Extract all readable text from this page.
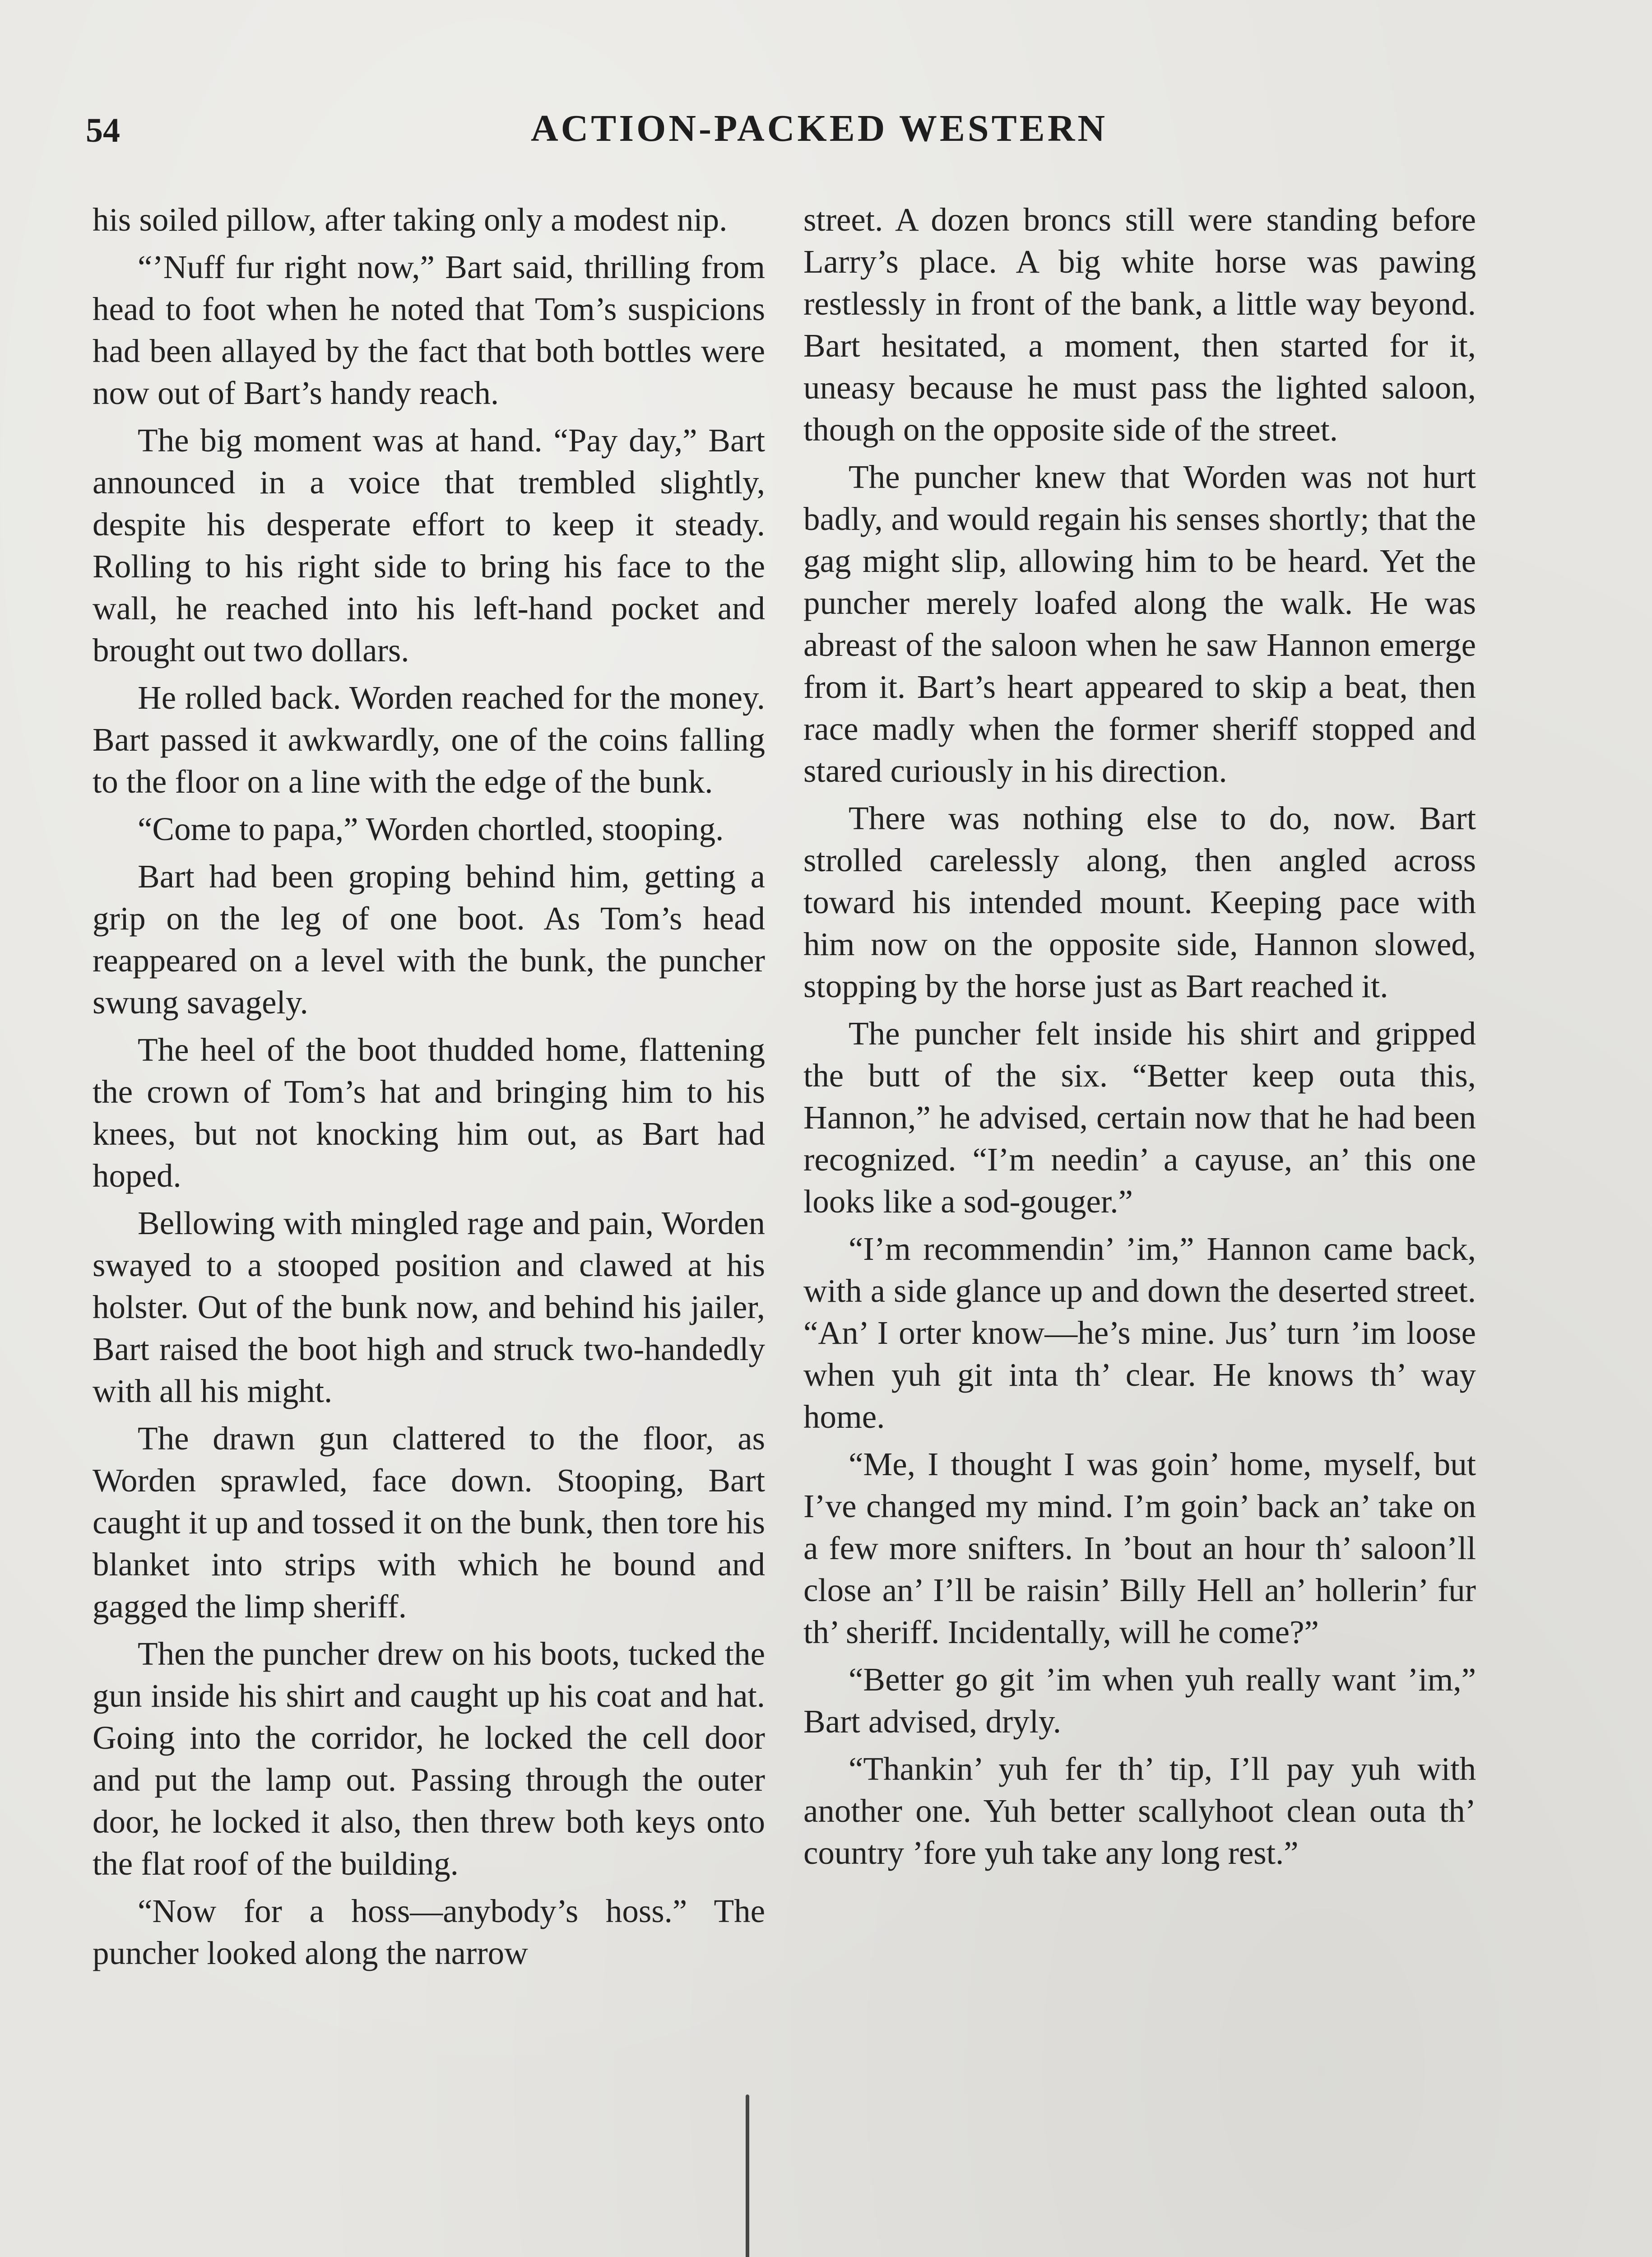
54	ACTION-PACKED WESTERN

his soiled pillow, after taking only a modest nip.

“’Nuff fur right now,” Bart said, thrilling from head to foot when he noted that Tom’s suspicions had been allayed by the fact that both bottles were now out of Bart’s handy reach.

The big moment was at hand. “Pay day,” Bart announced in a voice that trembled slightly, despite his desperate effort to keep it steady. Rolling to his right side to bring his face to the wall, he reached into his left-hand pocket and brought out two dollars.

He rolled back. Worden reached for the money. Bart passed it awkwardly, one of the coins falling to the floor on a line with the edge of the bunk.

“Come to papa,” Worden chortled, stooping.

Bart had been groping behind him, getting a grip on the leg of one boot. As Tom’s head reappeared on a level with the bunk, the puncher swung savagely.

The heel of the boot thudded home, flattening the crown of Tom’s hat and bringing him to his knees, but not knocking him out, as Bart had hoped.

Bellowing with mingled rage and pain, Worden swayed to a stooped position and clawed at his holster. Out of the bunk now, and behind his jailer, Bart raised the boot high and struck two-handedly with all his might.

The drawn gun clattered to the floor, as Worden sprawled, face down. Stooping, Bart caught it up and tossed it on the bunk, then tore his blanket into strips with which he bound and gagged the limp sheriff.

Then the puncher drew on his boots, tucked the gun inside his shirt and caught up his coat and hat. Going into the corridor, he locked the cell door and put the lamp out. Passing through the outer door, he locked it also, then threw both keys onto the flat roof of the building.

“Now for a hoss—anybody’s hoss.” The puncher looked along the narrow

street. A dozen broncs still were standing before Larry’s place. A big white horse was pawing restlessly in front of the bank, a little way beyond. Bart hesitated, a moment, then started for it, uneasy because he must pass the lighted saloon, though on the opposite side of the street.

The puncher knew that Worden was not hurt badly, and would regain his senses shortly; that the gag might slip, allowing him to be heard. Yet the puncher merely loafed along the walk. He was abreast of the saloon when he saw Hannon emerge from it. Bart’s heart appeared to skip a beat, then race madly when the former sheriff stopped and stared curiously in his direction.

There was nothing else to do, now. Bart strolled carelessly along, then angled across toward his intended mount. Keeping pace with him now on the opposite side, Hannon slowed, stopping by the horse just as Bart reached it.

The puncher felt inside his shirt and gripped the butt of the six. “Better keep outa this, Hannon,” he advised, certain now that he had been recognized. “I’m needin’ a cayuse, an’ this one looks like a sod-gouger.”

“I’m recommendin’ ’im,” Hannon came back, with a side glance up and down the deserted street. “An’ I orter know—he’s mine. Jus’ turn ’im loose when yuh git inta th’ clear. He knows th’ way home.

“Me, I thought I was goin’ home, myself, but I’ve changed my mind. I’m goin’ back an’ take on a few more snifters. In ’bout an hour th’ saloon’ll close an’ I’ll be raisin’ Billy Hell an’ hollerin’ fur th’ sheriff. Incidentally, will he come?”

“Better go git ’im when yuh really want ’im,” Bart advised, dryly.

“Thankin’ yuh fer th’ tip, I’ll pay yuh with another one. Yuh better scallyhoot clean outa th’ country ’fore yuh take any long rest.”
